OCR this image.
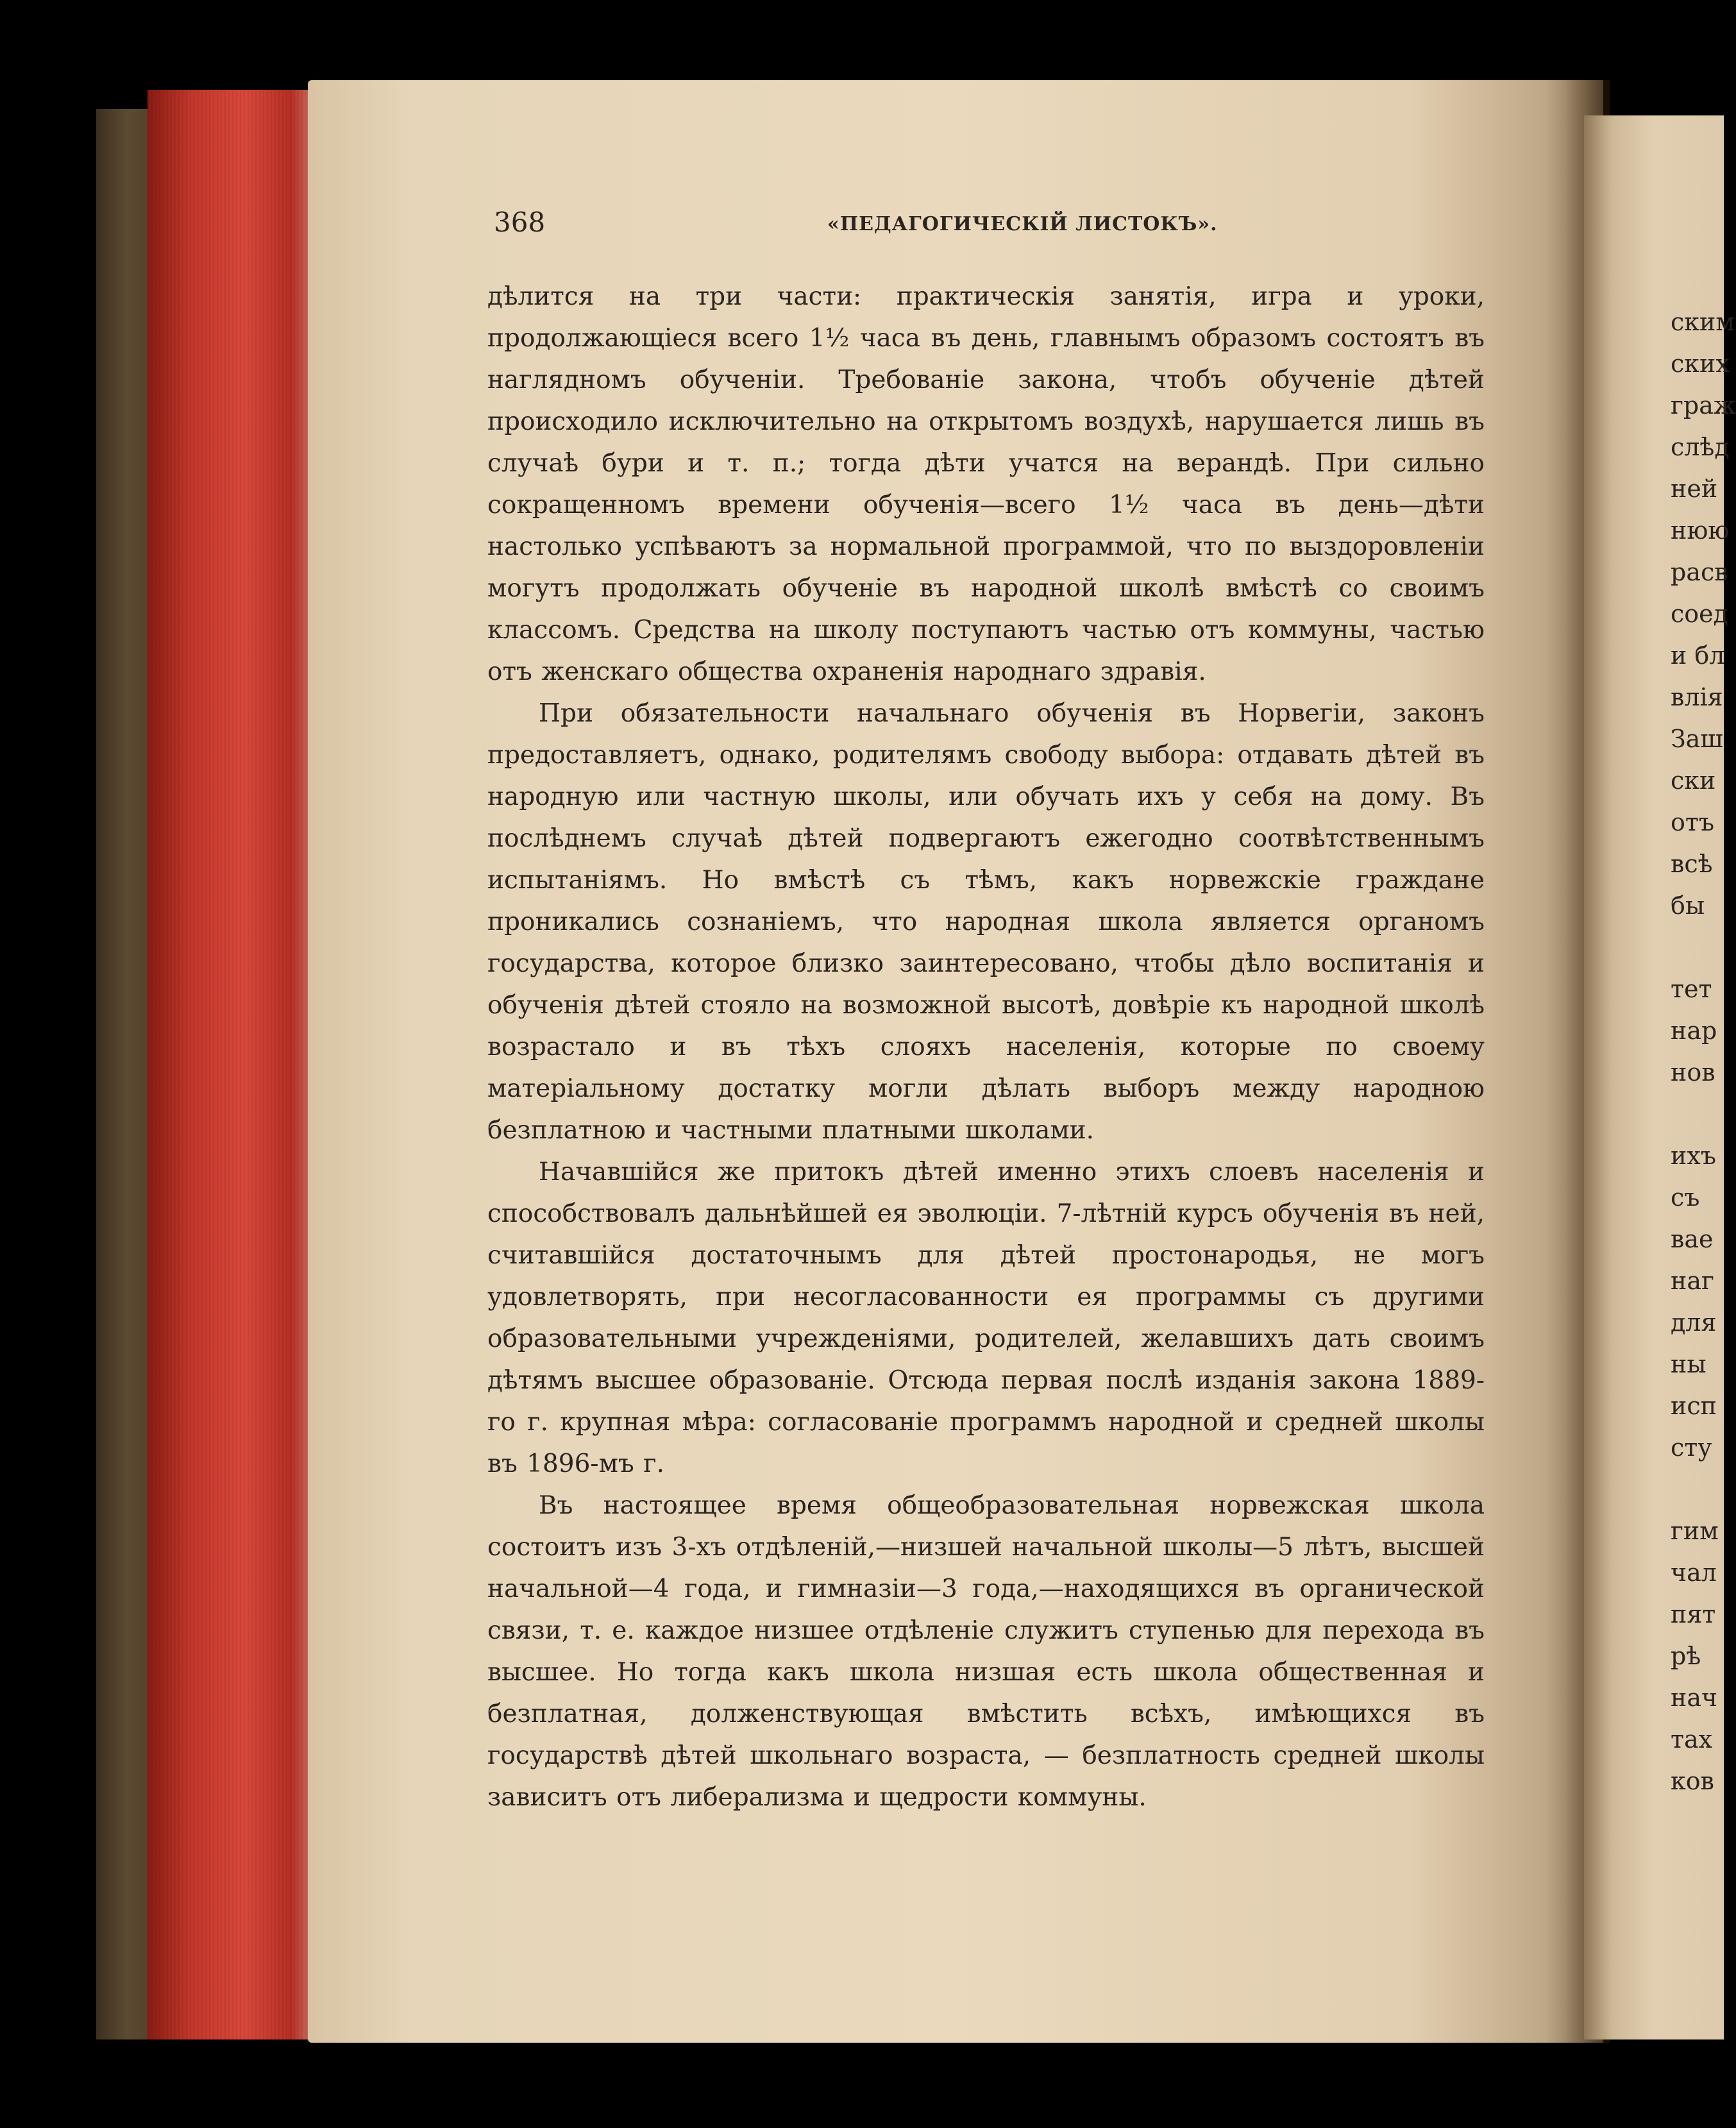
368	«ПЕДАГОГИЧЕСКІЙ ЛИСТОКЪ».

дѣлится на три части: практическія занятія, игра и уроки, продолжающiеся всего 1½ часа въ день, главнымъ образомъ состоятъ въ наглядномъ обученіи. Требованіе закона, чтобъ обученіе дѣтей происходило исключительно на открытомъ воздухѣ, нарушается лишь въ случаѣ бури и т. п.; тогда дѣти учатся на верандѣ. При сильно сокращенномъ времени обученія—всего 1½ часа въ день—дѣти настолько успѣваютъ за нормальной программой, что по выздоровленіи могутъ продолжать обученіе въ народной школѣ вмѣстѣ со своимъ классомъ. Средства на школу поступаютъ частью отъ коммуны, частью отъ женскаго общества охраненія народнаго здравія.

При обязательности начальнаго обученія въ Норвегіи, законъ предоставляетъ, однако, родителямъ свободу выбора: отдавать дѣтей въ народную или частную школы, или обучать ихъ у себя на дому. Въ послѣднемъ случаѣ дѣтей подвергаютъ ежегодно соотвѣтственнымъ испытаніямъ. Но вмѣстѣ съ тѣмъ, какъ норвежскіе граждане проникались сознаніемъ, что народная школа является органомъ государства, которое близко заинтересовано, чтобы дѣло воспитанія и обученія дѣтей стояло на возможной высотѣ, довѣріе къ народной школѣ возрастало и въ тѣхъ слояхъ населенія, которые по своему матеріальному достатку могли дѣлать выборъ между народною безплатною и частными платными школами.

Начавшійся же притокъ дѣтей именно этихъ слоевъ населенія и способствовалъ дальнѣйшей ея эволюціи. 7-лѣтній курсъ обученія въ ней, считавшійся достаточнымъ для дѣтей простонародья, не могъ удовлетворять, при несогласованности ея программы съ другими образовательными учрежденіями, родителей, желавшихъ дать своимъ дѣтямъ высшее образованіе. Отсюда первая послѣ изданія закона 1889-го г. крупная мѣра: согласованіе программъ народной и средней школы въ 1896-мъ г.

Въ настоящее время общеобразовательная норвежская школа состоитъ изъ 3-хъ отдѣленій,—низшей начальной школы—5 лѣтъ, высшей начальной—4 года, и гимназіи—3 года,—находящихся въ органической связи, т. е. каждое низшее отдѣленіе служитъ ступенью для перехода въ высшее. Но тогда какъ школа низшая есть школа общественная и безплатная, долженствующая вмѣстить всѣхъ, имѣющихся въ государствѣ дѣтей школьнаго возраста, — безплатность средней школы зависитъ отъ либерализма и щедрости коммуны.

ским
ских
граж
слѣд
ней
нюю
расв
соед
и бл
влія
Заш
ски
отъ
всѣ
бы
тет
нар
нов
ихъ
съ
вае
наг
для
ны
исп
сту
гим
чал
пят
рѣ
нач
тах
ков
